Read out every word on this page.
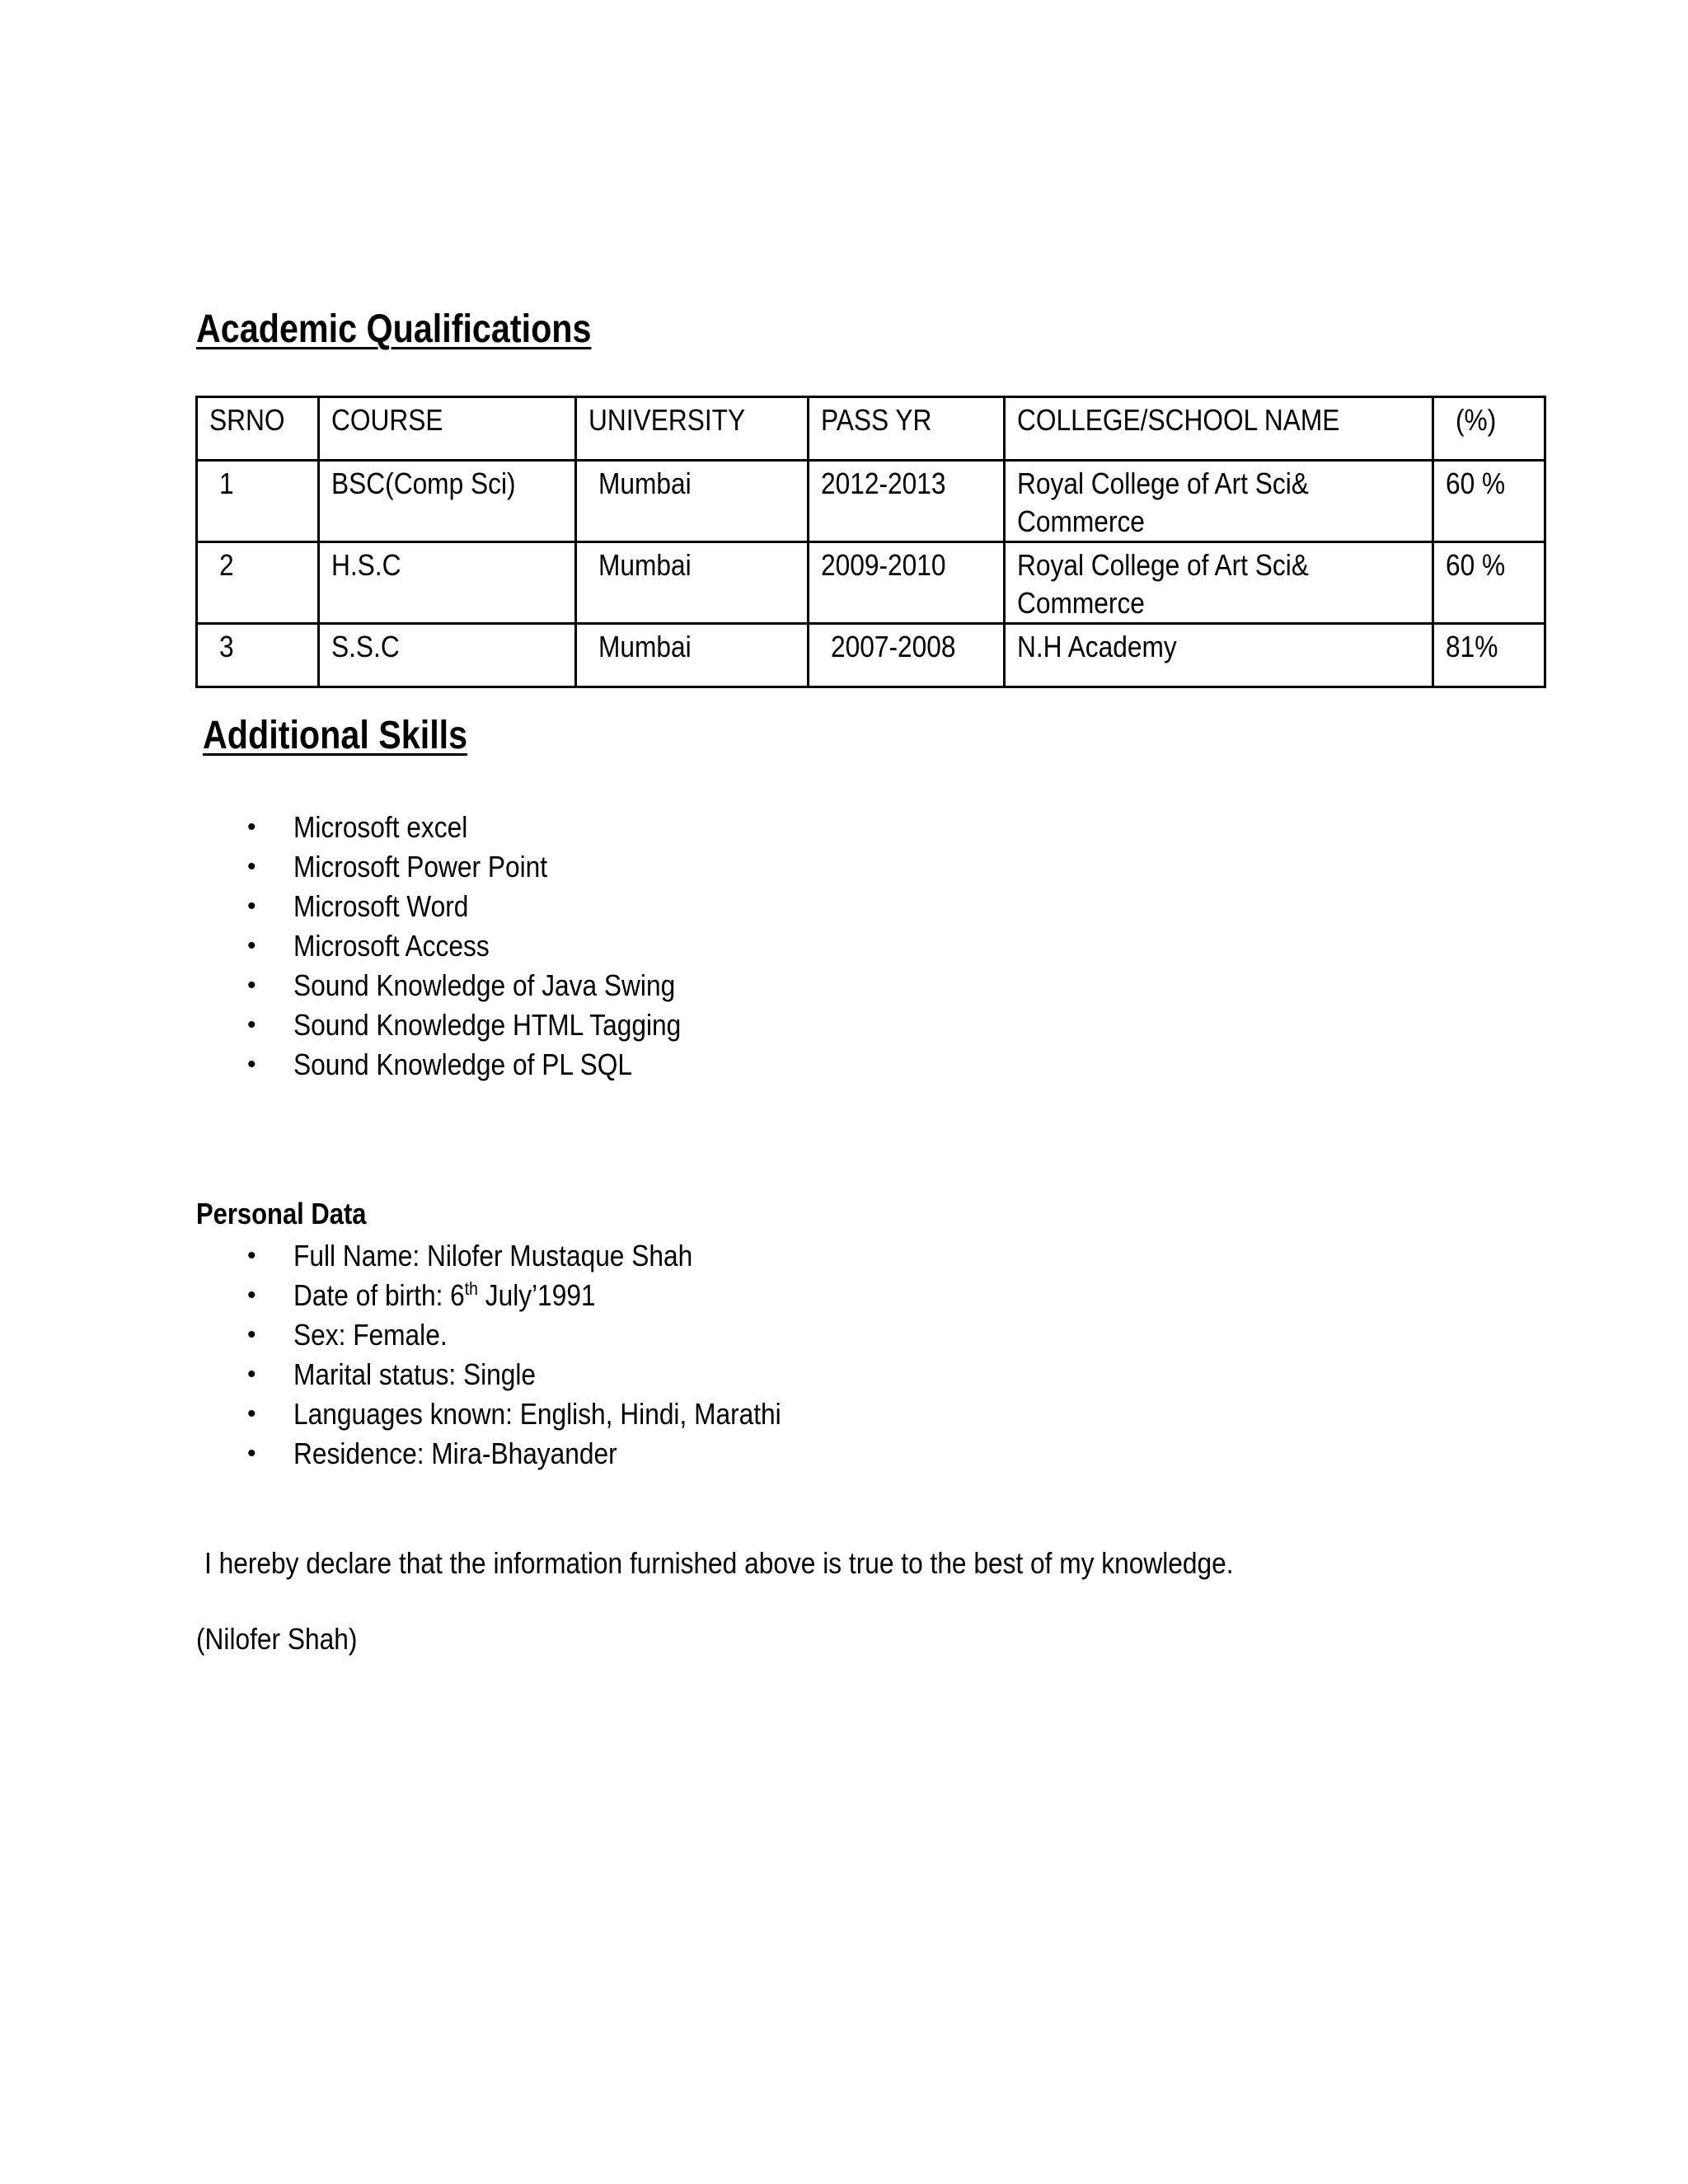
Academic Qualifications
SRNO	COURSE	UNIVERSITY	PASS YR	COLLEGE/SCHOOL NAME	(%)

1	BSC(Comp Sci)	Mumbai	2012-2013	Royal College of Art Sci& Commerce	60 %

2	H.S.C	Mumbai	2009-2010	Royal College of Art Sci& Commerce	60 %

3	S.S.C	Mumbai	2007-2008	N.H Academy	81%
Additional Skills
•	Microsoft excel
•	Microsoft Power Point
•	Microsoft Word
•	Microsoft Access
•	Sound Knowledge of Java Swing
•	Sound Knowledge HTML Tagging
•	Sound Knowledge of PL SQL
Personal Data
•	Full Name: Nilofer Mustaque Shah
•	Date of birth: 6th July’1991
•	Sex: Female.
•	Marital status: Single
•	Languages known: English, Hindi, Marathi
•	Residence: Mira-Bhayander
I hereby declare that the information furnished above is true to the best of my knowledge.
(Nilofer Shah)
